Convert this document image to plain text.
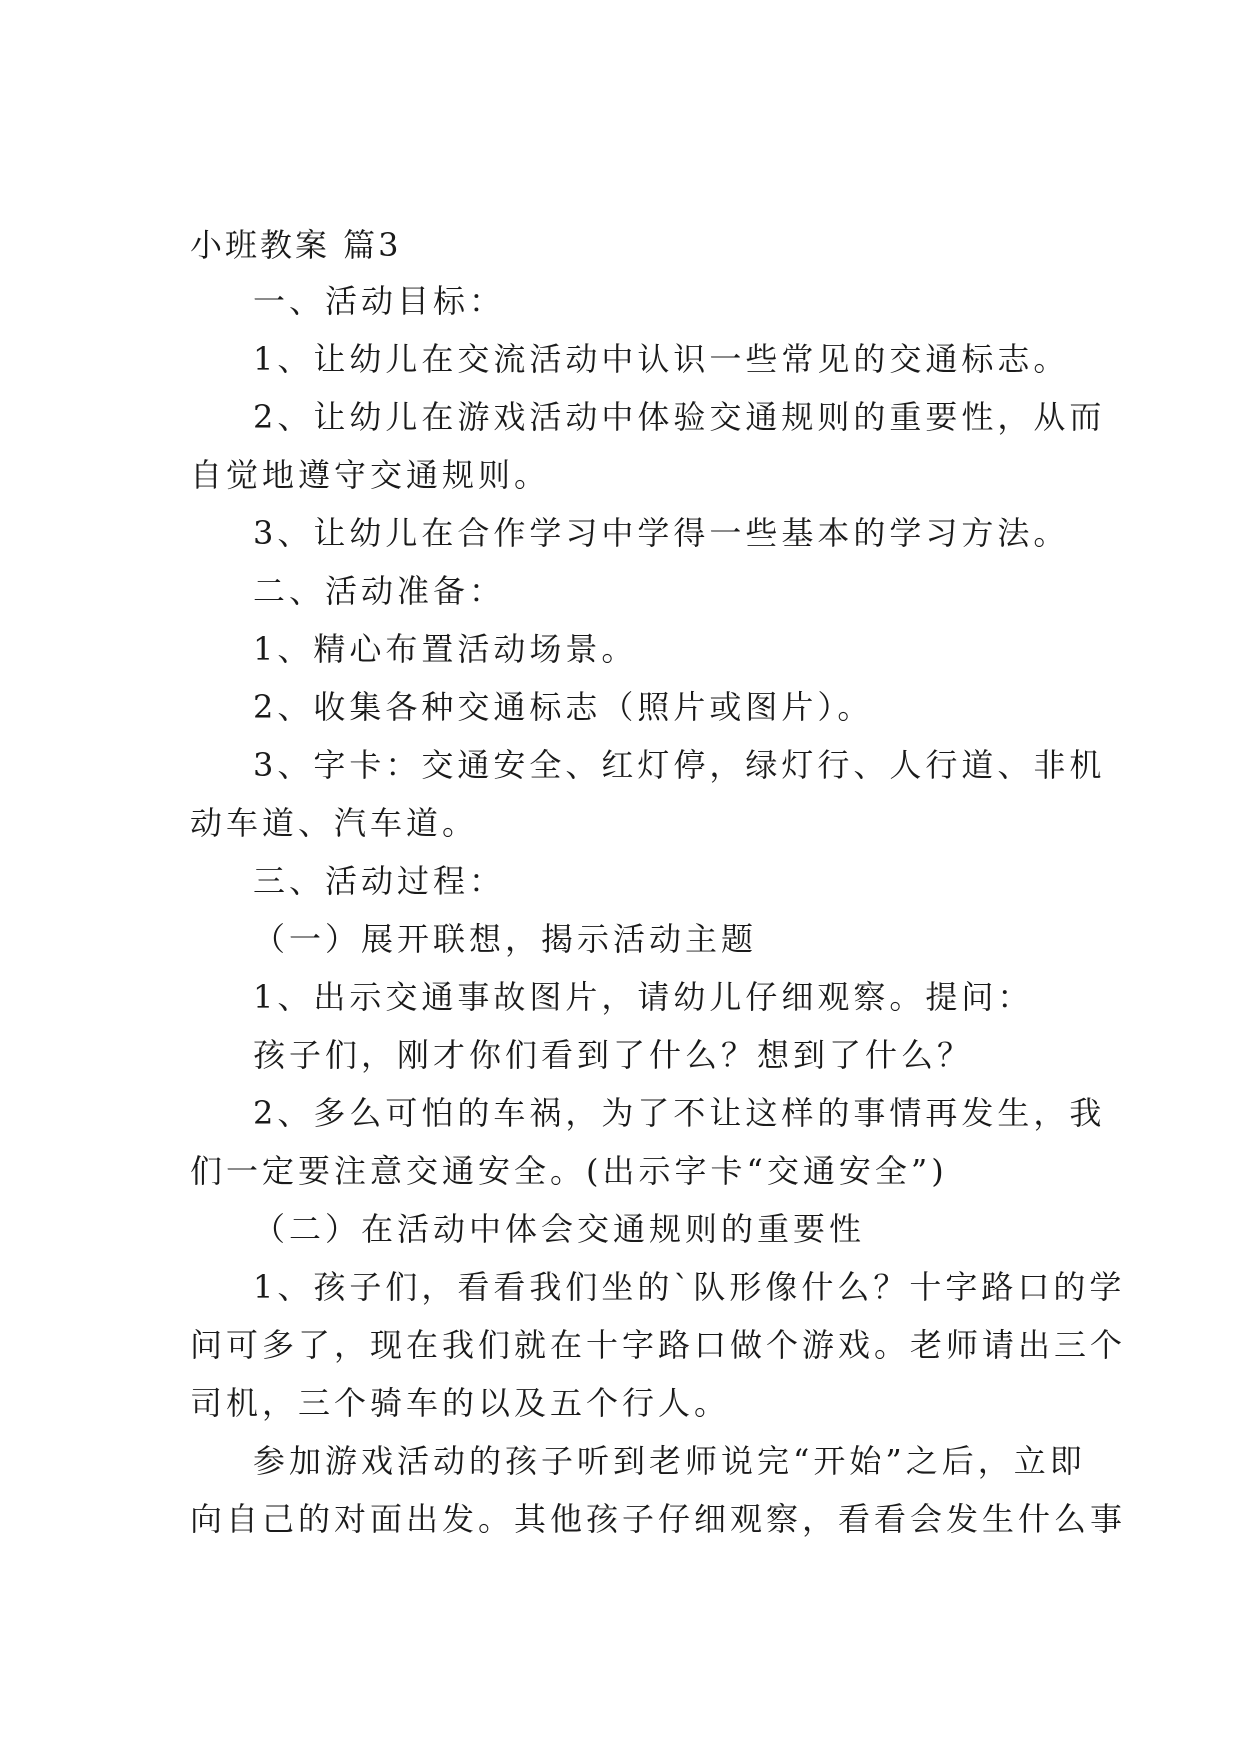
小班教案 篇3
一、活动目标：
1、让幼儿在交流活动中认识一些常见的交通标志。
2、让幼儿在游戏活动中体验交通规则的重要性，从而
自觉地遵守交通规则。
3、让幼儿在合作学习中学得一些基本的学习方法。
二、活动准备：
1、精心布置活动场景。
2、收集各种交通标志（照片或图片）。
3、字卡：交通安全、红灯停，绿灯行、人行道、非机
动车道、汽车道。
三、活动过程：
（一）展开联想，揭示活动主题
1、出示交通事故图片，请幼儿仔细观察。提问：
孩子们，刚才你们看到了什么？想到了什么？
2、多么可怕的车祸，为了不让这样的事情再发生，我
们一定要注意交通安全。(出示字卡“交通安全”)
（二）在活动中体会交通规则的重要性
1、孩子们，看看我们坐的`队形像什么？十字路口的学
问可多了，现在我们就在十字路口做个游戏。老师请出三个
司机，三个骑车的以及五个行人。
参加游戏活动的孩子听到老师说完“开始”之后，立即
向自己的对面出发。其他孩子仔细观察，看看会发生什么事
